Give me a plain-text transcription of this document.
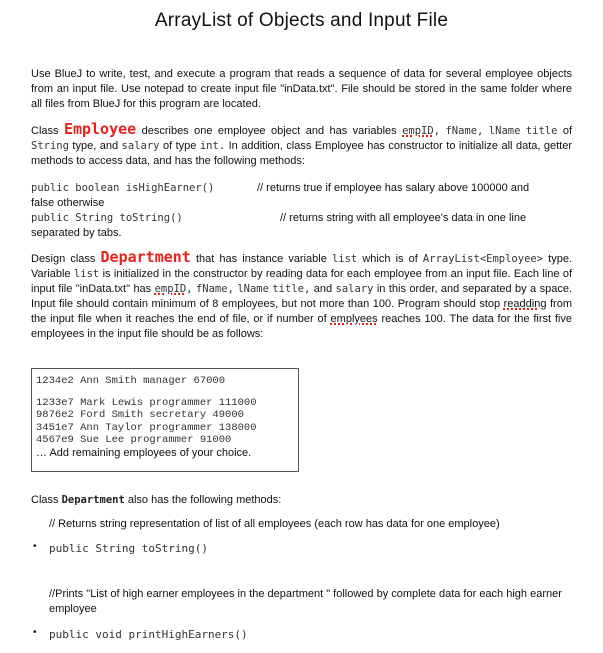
ArrayList of Objects and Input File
Use BlueJ to write, test, and execute a program that reads a sequence of data for several employee objects from an input file. Use notepad to create input file "inData.txt". File should be stored in the same folder where all files from BlueJ for this program are located.
Class Employee describes one employee object and has variables empID, fName, lName title of String type, and salary of type int. In addition, class Employee has constructor to initialize all data, getter methods to access data, and has the following methods:
public boolean isHighEarner()	// returns true if employee has salary above 100000 and
false otherwise
public String toString()	// returns string with all employee's data in one line
separated by tabs.
Design class Department that has instance variable list which is of ArrayList<Employee> type. Variable list is initialized in the constructor by reading data for each employee from an input file. Each line of input file "inData.txt" has empID, fName, lName title, and salary in this order, and separated by a space. Input file should contain minimum of 8 employees, but not more than 100. Program should stop readding from the input file when it reaches the end of file, or if number of emplyees reaches 100. The data for the first five employees in the input file should be as follows:
1234e2 Ann Smith manager 67000
1233e7 Mark Lewis programmer 111000
9876e2 Ford Smith secretary 49000
3451e7 Ann Taylor programmer 138000
4567e9 Sue Lee programmer 91000
… Add remaining employees of your choice.
Class Department also has the following methods:
// Returns string representation of list of all employees (each row has data for one employee)
• public String toString()
//Prints "List of high earner employees in the department " followed by complete data for each high earner employee
• public void printHighEarners()
